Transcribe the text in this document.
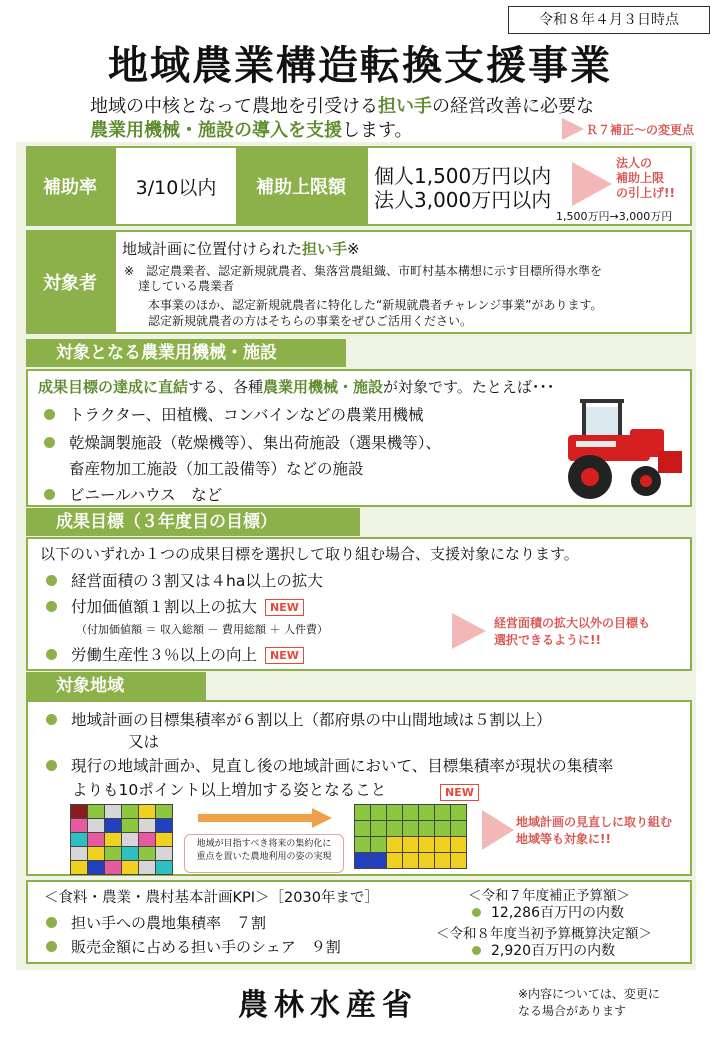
令和８年４月３日時点
地域農業構造転換支援事業
地域の中核となって農地を引受ける担い手の経営改善に必要な
農業用機械・施設の導入を支援します。	Ｒ７補正～の変更点
補助率	3/10以内	補助上限額	個人1,500万円以内
法人3,000万円以内
法人の
補助上限
の引上げ!!
1,500万円→3,000万円
対象者
地域計画に位置付けられた担い手※
※　認定農業者、認定新規就農者、集落営農組織、市町村基本構想に示す目標所得水準を
達している農業者
本事業のほか、認定新規就農者に特化した“新規就農者チャレンジ事業”があります。
認定新規就農者の方はそちらの事業をぜひご活用ください。
対象となる農業用機械・施設
成果目標の達成に直結する、各種農業用機械・施設が対象です。たとえば･･･
トラクター、田植機、コンバインなどの農業用機械
乾燥調製施設（乾燥機等）、集出荷施設（選果機等）、
畜産物加工施設（加工設備等）などの施設
ビニールハウス　など
成果目標（３年度目の目標）
以下のいずれか１つの成果目標を選択して取り組む場合、支援対象になります。
経営面積の３割又は４ha以上の拡大
付加価値額１割以上の拡大 NEW
（付加価値額 ＝ 収入総額 － 費用総額 ＋ 人件費）
労働生産性３％以上の向上 NEW
経営面積の拡大以外の目標も
選択できるように!!
対象地域
地域計画の目標集積率が６割以上（都府県の中山間地域は５割以上）
又は
現行の地域計画か、見直し後の地域計画において、目標集積率が現状の集積率
よりも10ポイント以上増加する姿となること	NEW
地域が目指すべき将来の集約化に
重点を置いた農地利用の姿の実現
地域計画の見直しに取り組む
地域等も対象に!!
＜食料・農業・農村基本計画KPI＞［2030年まで］
担い手への農地集積率　７割
販売金額に占める担い手のシェア　９割
＜令和７年度補正予算額＞
12,286百万円の内数
＜令和８年度当初予算概算決定額＞
2,920百万円の内数
農林水産省	※内容については、変更に
なる場合があります
